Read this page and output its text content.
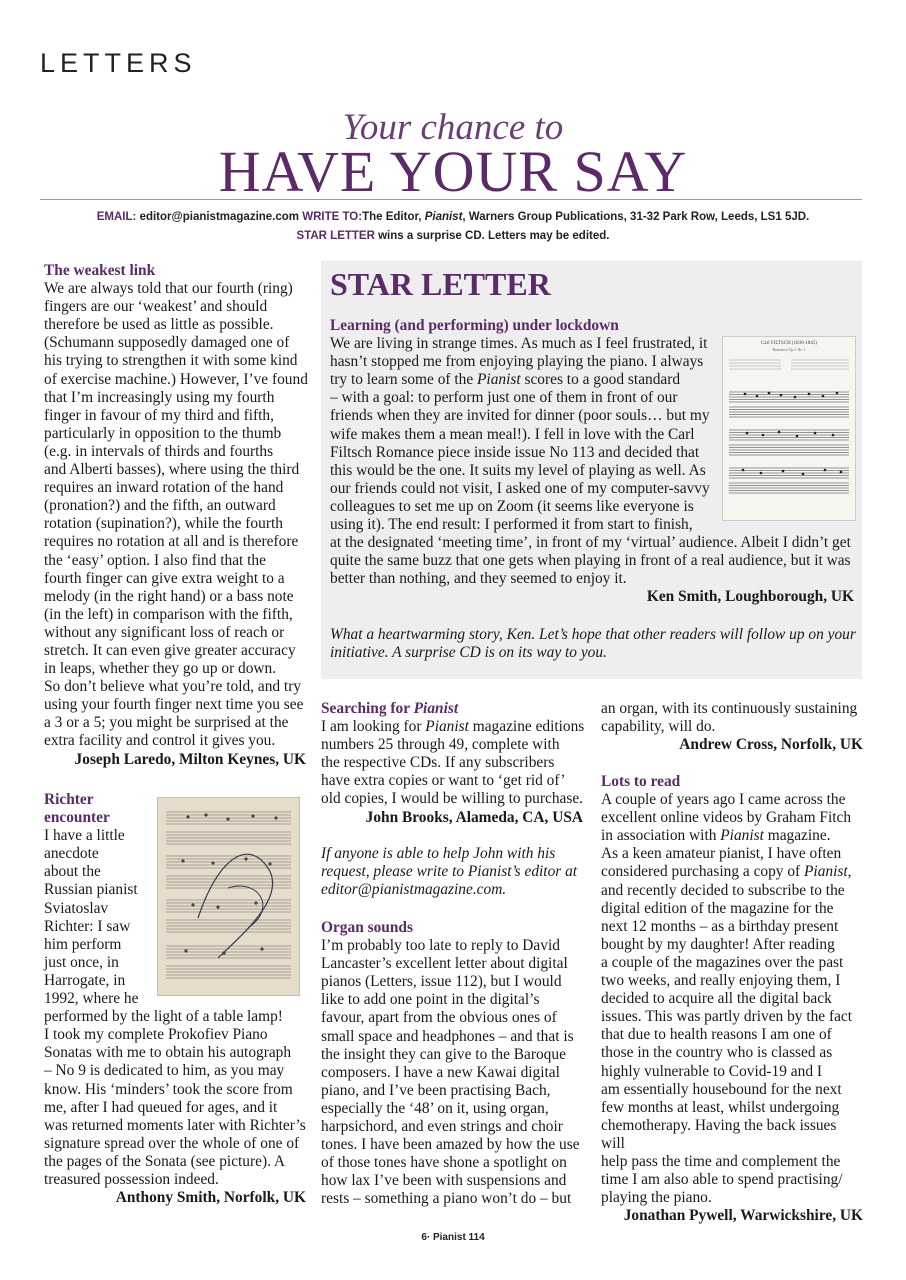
LETTERS
Your chance to
HAVE YOUR SAY
EMAIL: editor@pianistmagazine.com WRITE TO:The Editor, Pianist, Warners Group Publications, 31-32 Park Row, Leeds, LS1 5JD.
STAR LETTER wins a surprise CD. Letters may be edited.
The weakest link
We are always told that our fourth (ring)
fingers are our ‘weakest’ and should
therefore be used as little as possible.
(Schumann supposedly damaged one of
his trying to strengthen it with some kind
of exercise machine.) However, I’ve found
that I’m increasingly using my fourth
finger in favour of my third and fifth,
particularly in opposition to the thumb
(e.g. in intervals of thirds and fourths
and Alberti basses), where using the third
requires an inward rotation of the hand
(pronation?) and the fifth, an outward
rotation (supination?), while the fourth
requires no rotation at all and is therefore
the ‘easy’ option. I also find that the
fourth finger can give extra weight to a
melody (in the right hand) or a bass note
(in the left) in comparison with the fifth,
without any significant loss of reach or
stretch. It can even give greater accuracy
in leaps, whether they go up or down.
So don’t believe what you’re told, and try
using your fourth finger next time you see
a 3 or a 5; you might be surprised at the
extra facility and control it gives you.
Joseph Laredo, Milton Keynes, UK
Richter
encounter
I have a little
anecdote
about the
Russian pianist
Sviatoslav
Richter: I saw
him perform
just once, in
Harrogate, in
1992, where he
performed by the light of a table lamp!
I took my complete Prokofiev Piano
Sonatas with me to obtain his autograph
– No 9 is dedicated to him, as you may
know. His ‘minders’ took the score from
me, after I had queued for ages, and it
was returned moments later with Richter’s
signature spread over the whole of one of
the pages of the Sonata (see picture). A
treasured possession indeed.
Anthony Smith, Norfolk, UK
STAR LETTER
Learning (and performing) under lockdown
We are living in strange times. As much as I feel frustrated, it
hasn’t stopped me from enjoying playing the piano. I always
try to learn some of the Pianist scores to a good standard
– with a goal: to perform just one of them in front of our
friends when they are invited for dinner (poor souls… but my
wife makes them a mean meal!). I fell in love with the Carl
Filtsch Romance piece inside issue No 113 and decided that
this would be the one. It suits my level of playing as well. As
our friends could not visit, I asked one of my computer-savvy
colleagues to set me up on Zoom (it seems like everyone is
using it). The end result: I performed it from start to finish,
at the designated ‘meeting time’, in front of my ‘virtual’ audience. Albeit I didn’t get
quite the same buzz that one gets when playing in front of a real audience, but it was
better than nothing, and they seemed to enjoy it.
Ken Smith, Loughborough, UK
What a heartwarming story, Ken. Let’s hope that other readers will follow up on your
initiative. A surprise CD is on its way to you.
Carl FILTSCH (1830-1845)
Romance Op 1 No 1
Searching for Pianist
I am looking for Pianist magazine editions
numbers 25 through 49, complete with
the respective CDs. If any subscribers
have extra copies or want to ‘get rid of’
old copies, I would be willing to purchase.
John Brooks, Alameda, CA, USA
If anyone is able to help John with his
request, please write to Pianist’s editor at
editor@pianistmagazine.com.
Organ sounds
I’m probably too late to reply to David
Lancaster’s excellent letter about digital
pianos (Letters, issue 112), but I would
like to add one point in the digital’s
favour, apart from the obvious ones of
small space and headphones – and that is
the insight they can give to the Baroque
composers. I have a new Kawai digital
piano, and I’ve been practising Bach,
especially the ‘48’ on it, using organ,
harpsichord, and even strings and choir
tones. I have been amazed by how the use
of those tones have shone a spotlight on
how lax I’ve been with suspensions and
rests – something a piano won’t do – but
an organ, with its continuously sustaining
capability, will do.
Andrew Cross, Norfolk, UK
Lots to read
A couple of years ago I came across the
excellent online videos by Graham Fitch
in association with Pianist magazine.
As a keen amateur pianist, I have often
considered purchasing a copy of Pianist,
and recently decided to subscribe to the
digital edition of the magazine for the
next 12 months – as a birthday present
bought by my daughter! After reading
a couple of the magazines over the past
two weeks, and really enjoying them, I
decided to acquire all the digital back
issues. This was partly driven by the fact
that due to health reasons I am one of
those in the country who is classed as
highly vulnerable to Covid-19 and I
am essentially housebound for the next
few months at least, whilst undergoing
chemotherapy. Having the back issues will
help pass the time and complement the
time I am also able to spend practising/
playing the piano.
Jonathan Pywell, Warwickshire, UK
6· Pianist 114
